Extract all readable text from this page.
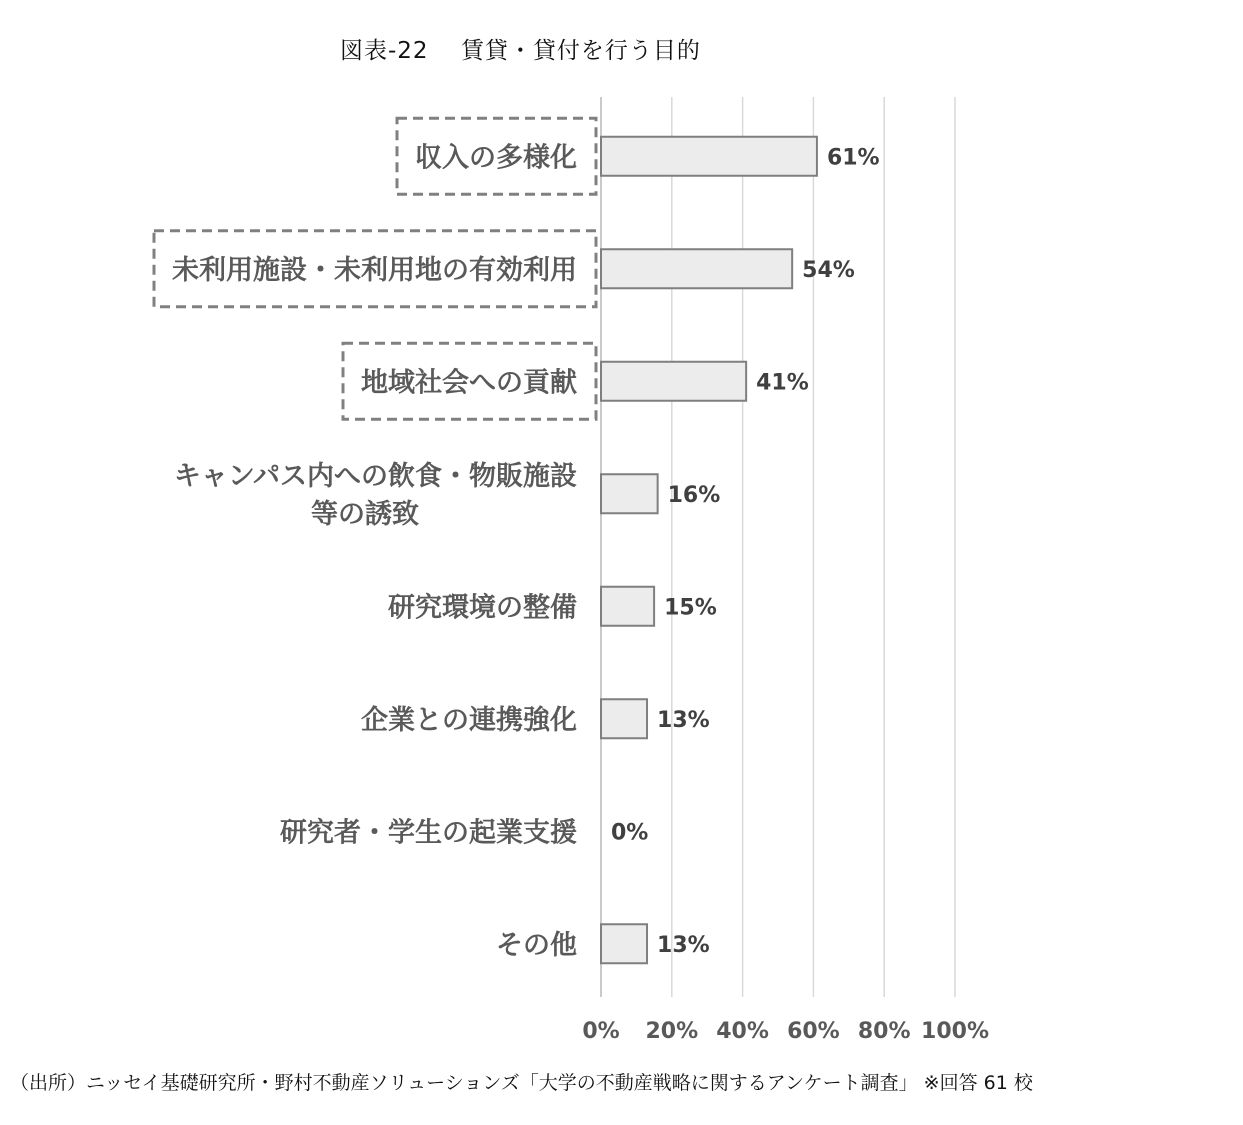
図表-22　 賃貸・貸付を行う目的
収入の多様化
未利用施設・未利用地の有効利用
地域社会への貢献
キャンパス内への飲食・物販施設
等の誘致
研究環境の整備
企業との連携強化
研究者・学生の起業支援
その他
61%
54%
41%
16%
15%
13%
0%
13%
0% 20% 40% 60% 80% 100%
（出所）ニッセイ基礎研究所・野村不動産ソリューションズ「大学の不動産戦略に関するアンケート調査」 ※回答 61 校
